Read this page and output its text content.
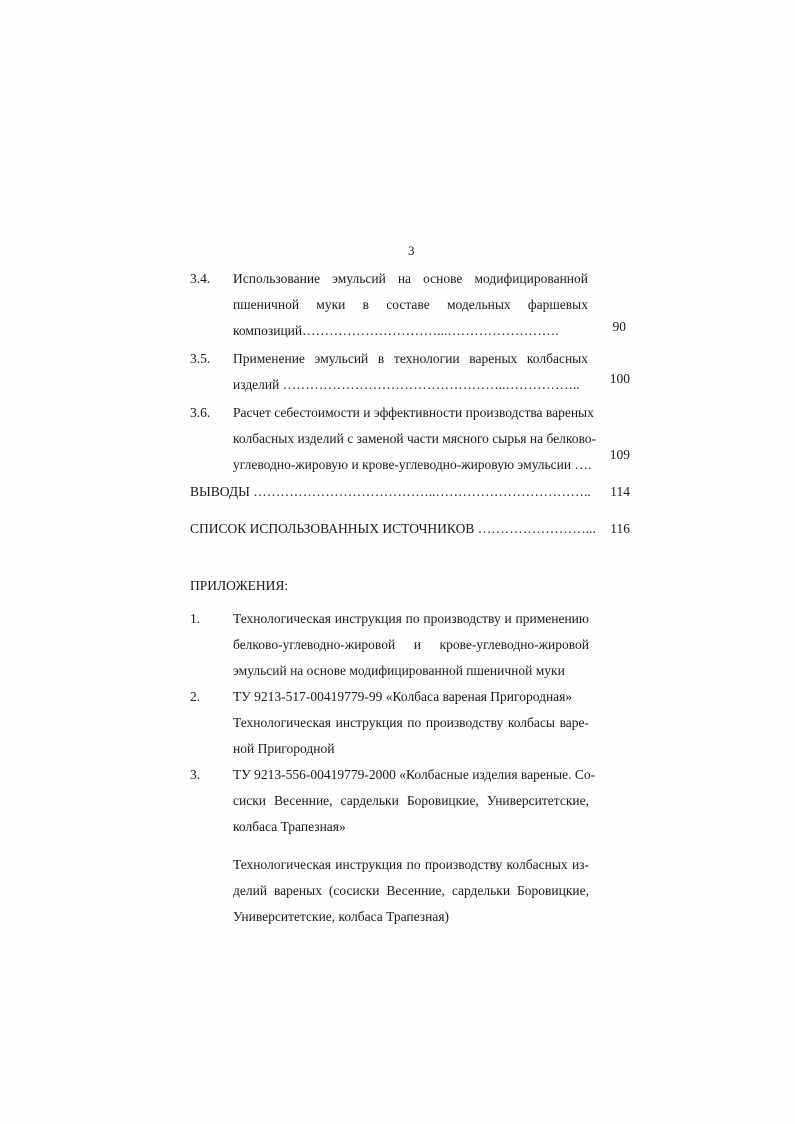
3
3.4. Использование эмульсий на основе модифицированной
пшеничной муки в составе модельных фаршевых
композиций…………………………...…………………….	90
3.5. Применение эмульсий в технологии вареных колбасных
изделий …………………………………………..……………..	100
3.6. Расчет себестоимости и эффективности производства вареных
колбасных изделий с заменой части мясного сырья на белково-
углеводно-жировую и крове-углеводно-жировую эмульсии ….
109
ВЫВОДЫ …………………………………..…………………………….. 114
СПИСОК ИСПОЛЬЗОВАННЫХ ИСТОЧНИКОВ ……………………... 116
ПРИЛОЖЕНИЯ:
1. Технологическая инструкция по производству и применению
белково-углеводно-жировой и крове-углеводно-жировой
эмульсий на основе модифицированной пшеничной муки
2. ТУ 9213-517-00419779-99 «Колбаса вареная Пригородная»
Технологическая инструкция по производству колбасы варе-
ной Пригородной
3. ТУ 9213-556-00419779-2000 «Колбасные изделия вареные. Со-
сиски Весенние, сардельки Боровицкие, Университетские,
колбаса Трапезная»
Технологическая инструкция по производству колбасных из-
делий вареных (сосиски Весенние, сардельки Боровицкие,
Университетские, колбаса Трапезная)
